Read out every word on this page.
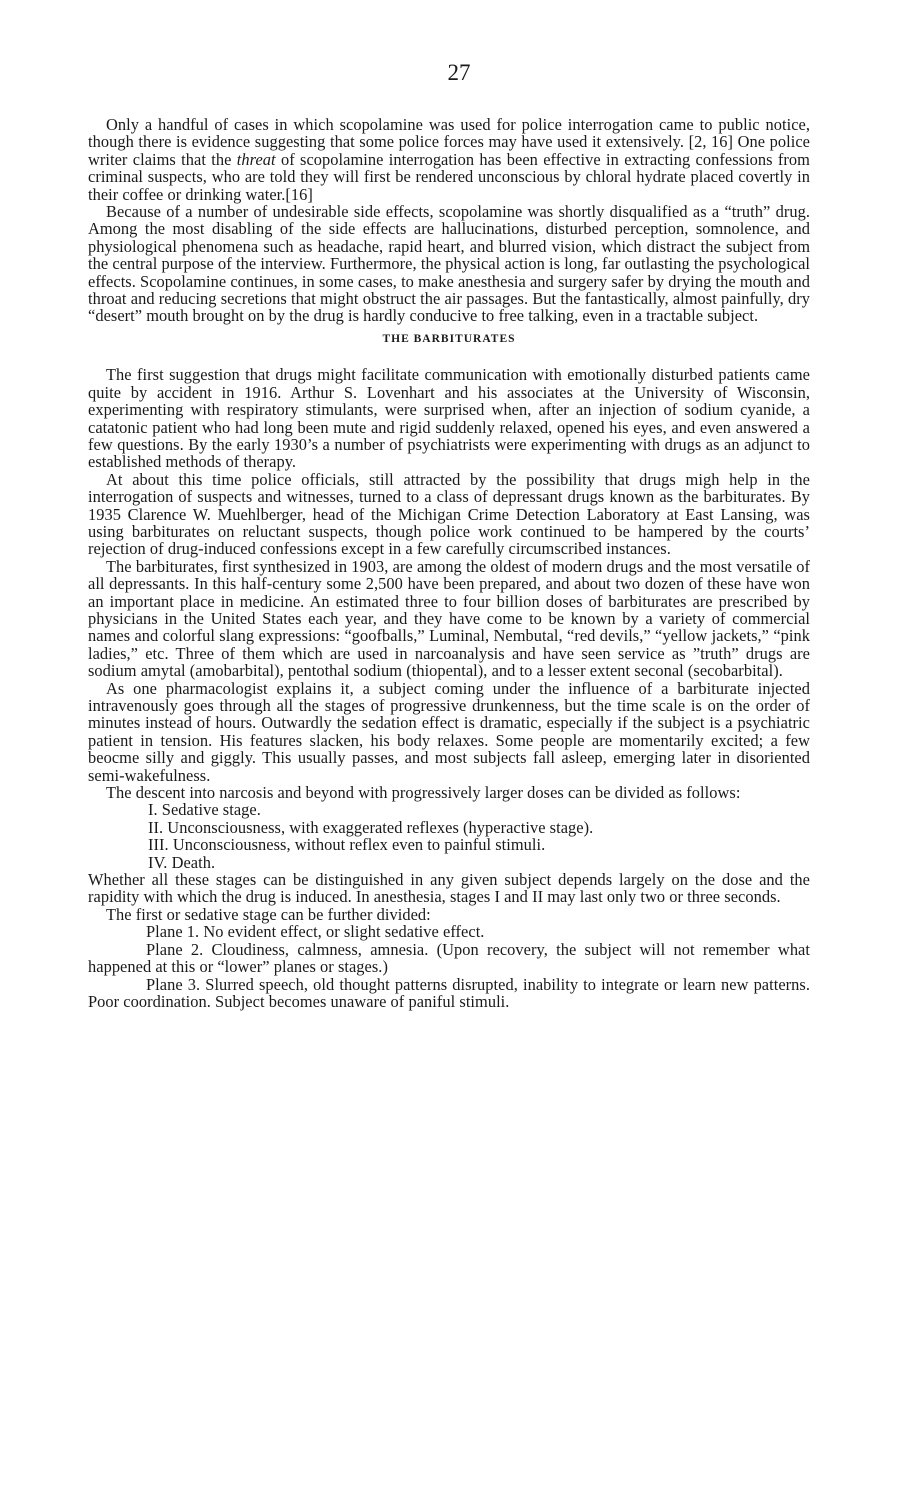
27

Only a handful of cases in which scopolamine was used for police interrogation came to public notice, though there is evidence suggesting that some police forces may have used it extensively. [2, 16] One police writer claims that the threat of scopolamine interrogation has been effective in extracting confessions from criminal suspects, who are told they will first be rendered unconscious by chloral hydrate placed covertly in their coffee or drinking water.[16]

Because of a number of undesirable side effects, scopolamine was shortly disqualified as a “truth” drug. Among the most disabling of the side effects are hallucinations, disturbed perception, somnolence, and physiological phenomena such as headache, rapid heart, and blurred vision, which distract the subject from the central purpose of the interview. Furthermore, the physical action is long, far outlasting the psychological effects. Scopolamine continues, in some cases, to make anesthesia and surgery safer by drying the mouth and throat and reducing secretions that might obstruct the air passages. But the fantastically, almost painfully, dry “desert” mouth brought on by the drug is hardly conducive to free talking, even in a tractable subject.

THE BARBITURATES

The first suggestion that drugs might facilitate communication with emotionally disturbed patients came quite by accident in 1916. Arthur S. Lovenhart and his associates at the University of Wisconsin, experimenting with respiratory stimulants, were surprised when, after an injection of sodium cyanide, a catatonic patient who had long been mute and rigid suddenly relaxed, opened his eyes, and even answered a few questions. By the early 1930’s a number of psychiatrists were experimenting with drugs as an adjunct to established methods of therapy.

At about this time police officials, still attracted by the possibility that drugs migh help in the interrogation of suspects and witnesses, turned to a class of depressant drugs known as the barbiturates. By 1935 Clarence W. Muehlberger, head of the Michigan Crime Detection Laboratory at East Lansing, was using barbiturates on reluctant suspects, though police work continued to be hampered by the courts’ rejection of drug-induced confessions except in a few carefully circumscribed instances.

The barbiturates, first synthesized in 1903, are among the oldest of modern drugs and the most versatile of all depressants. In this half-century some 2,500 have been prepared, and about two dozen of these have won an important place in medicine. An estimated three to four billion doses of barbiturates are prescribed by physicians in the United States each year, and they have come to be known by a variety of commercial names and colorful slang expressions: “goofballs,” Luminal, Nembutal, “red devils,” “yellow jackets,” “pink ladies,” etc. Three of them which are used in narcoanalysis and have seen service as ”truth” drugs are sodium amytal (amobarbital), pentothal sodium (thiopental), and to a lesser extent seconal (secobarbital).

As one pharmacologist explains it, a subject coming under the influence of a barbiturate injected intravenously goes through all the stages of progressive drunkenness, but the time scale is on the order of minutes instead of hours. Outwardly the sedation effect is dramatic, especially if the subject is a psychiatric patient in tension. His features slacken, his body relaxes. Some people are momentarily excited; a few beocme silly and giggly. This usually passes, and most subjects fall asleep, emerging later in disoriented semi-wakefulness.

The descent into narcosis and beyond with progressively larger doses can be divided as follows:

I. Sedative stage.

II. Unconsciousness, with exaggerated reflexes (hyperactive stage).

III. Unconsciousness, without reflex even to painful stimuli.

IV. Death.

Whether all these stages can be distinguished in any given subject depends largely on the dose and the rapidity with which the drug is induced. In anesthesia, stages I and II may last only two or three seconds.

The first or sedative stage can be further divided:

Plane 1. No evident effect, or slight sedative effect.

Plane 2. Cloudiness, calmness, amnesia. (Upon recovery, the subject will not remember what happened at this or “lower” planes or stages.)

Plane 3. Slurred speech, old thought patterns disrupted, inability to integrate or learn new patterns. Poor coordination. Subject becomes unaware of paniful stimuli.
